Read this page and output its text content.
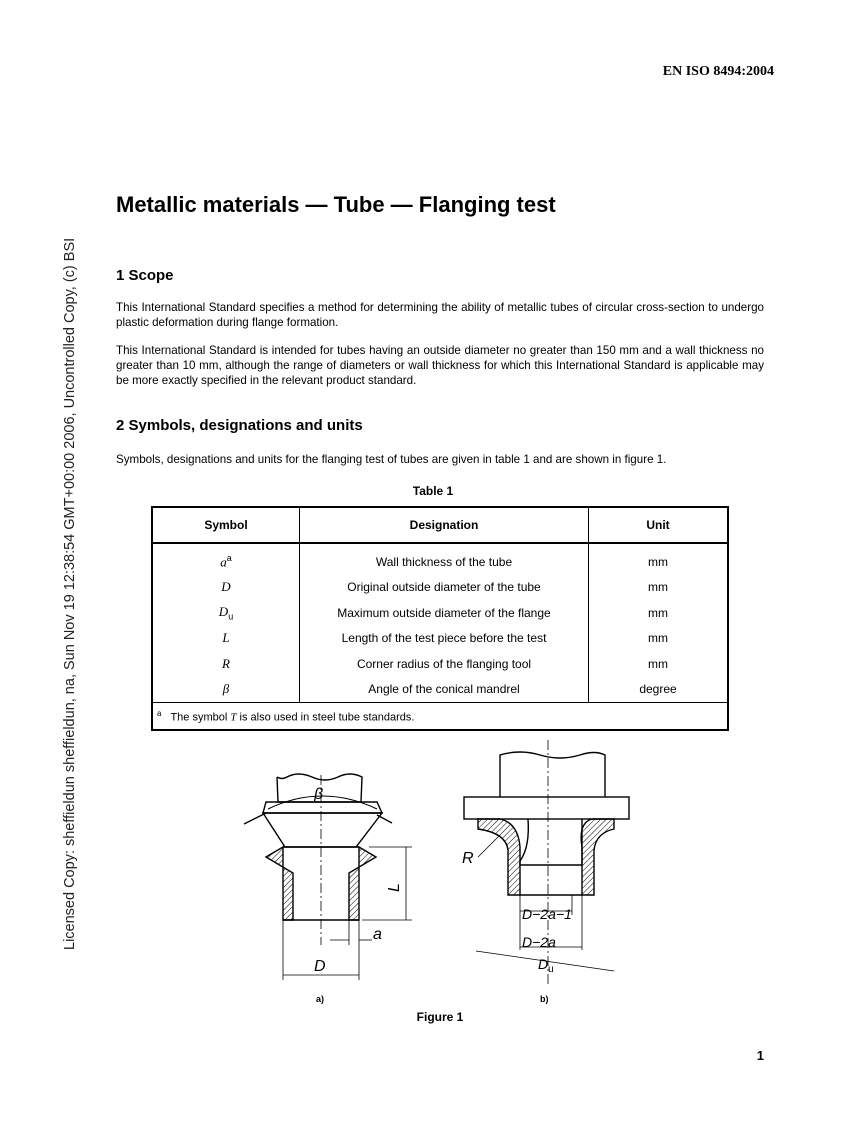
EN ISO 8494:2004
Licensed Copy: sheffieldun sheffieldun, na, Sun Nov 19 12:38:54 GMT+00:00 2006, Uncontrolled Copy, (c) BSI
Metallic materials — Tube — Flanging test
1 Scope

This International Standard specifies a method for determining the ability of metallic tubes of circular cross-section to undergo plastic deformation during flange formation.

This International Standard is intended for tubes having an outside diameter no greater than 150 mm and a wall thickness no greater than 10 mm, although the range of diameters or wall thickness for which this International Standard is applicable may be more exactly specified in the relevant product standard.

2 Symbols, designations and units

Symbols, designations and units for the flanging test of tubes are given in table 1 and are shown in figure 1.

Table 1
Symbol	Designation	Unit
$a^a$	Wall thickness of the tube	mm
D	Original outside diameter of the tube	mm
$D_u$	Maximum outside diameter of the flange	mm
L	Length of the test piece before the test	mm
R	Corner radius of the flanging tool	mm
β	Angle of the conical mandrel	degree
$^a$ The symbol T is also used in steel tube standards.		
β
L
a
D
R
D−2a−1
D−2a
$D_u$
a)	b)
Figure 1
1
